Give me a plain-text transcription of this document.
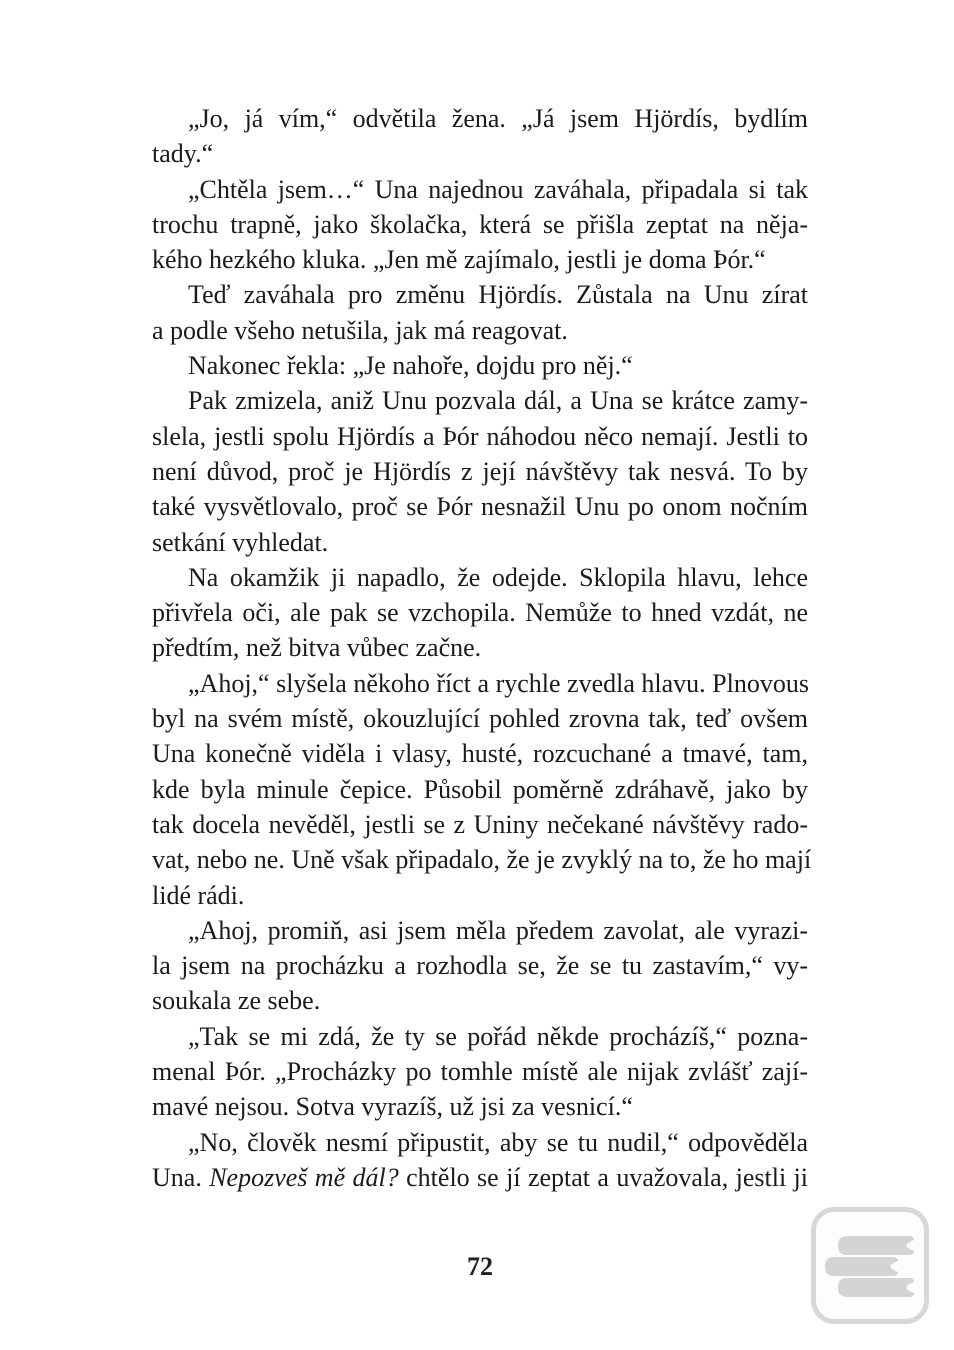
„Jo, já vím,“ odvětila žena. „Já jsem Hjördís, bydlím
tady.“
„Chtěla jsem…“ Una najednou zaváhala, připadala si tak
trochu trapně, jako školačka, která se přišla zeptat na něja-
kého hezkého kluka. „Jen mě zajímalo, jestli je doma Þór.“
Teď zaváhala pro změnu Hjördís. Zůstala na Unu zírat
a podle všeho netušila, jak má reagovat.
Nakonec řekla: „Je nahoře, dojdu pro něj.“
Pak zmizela, aniž Unu pozvala dál, a Una se krátce zamy-
slela, jestli spolu Hjördís a Þór náhodou něco nemají. Jestli to
není důvod, proč je Hjördís z její návštěvy tak nesvá. To by
také vysvětlovalo, proč se Þór nesnažil Unu po onom nočním
setkání vyhledat.
Na okamžik ji napadlo, že odejde. Sklopila hlavu, lehce
přivřela oči, ale pak se vzchopila. Nemůže to hned vzdát, ne
předtím, než bitva vůbec začne.
„Ahoj,“ slyšela někoho říct a rychle zvedla hlavu. Plnovous
byl na svém místě, okouzlující pohled zrovna tak, teď ovšem
Una konečně viděla i vlasy, husté, rozcuchané a tmavé, tam,
kde byla minule čepice. Působil poměrně zdráhavě, jako by
tak docela nevěděl, jestli se z Uniny nečekané návštěvy rado-
vat, nebo ne. Uně však připadalo, že je zvyklý na to, že ho mají
lidé rádi.
„Ahoj, promiň, asi jsem měla předem zavolat, ale vyrazi-
la jsem na procházku a rozhodla se, že se tu zastavím,“ vy-
soukala ze sebe.
„Tak se mi zdá, že ty se pořád někde procházíš,“ pozna-
menal Þór. „Procházky po tomhle místě ale nijak zvlášť zají-
mavé nejsou. Sotva vyrazíš, už jsi za vesnicí.“
„No, člověk nesmí připustit, aby se tu nudil,“ odpověděla
Una. Nepozveš mě dál? chtělo se jí zeptat a uvažovala, jestli ji
72
